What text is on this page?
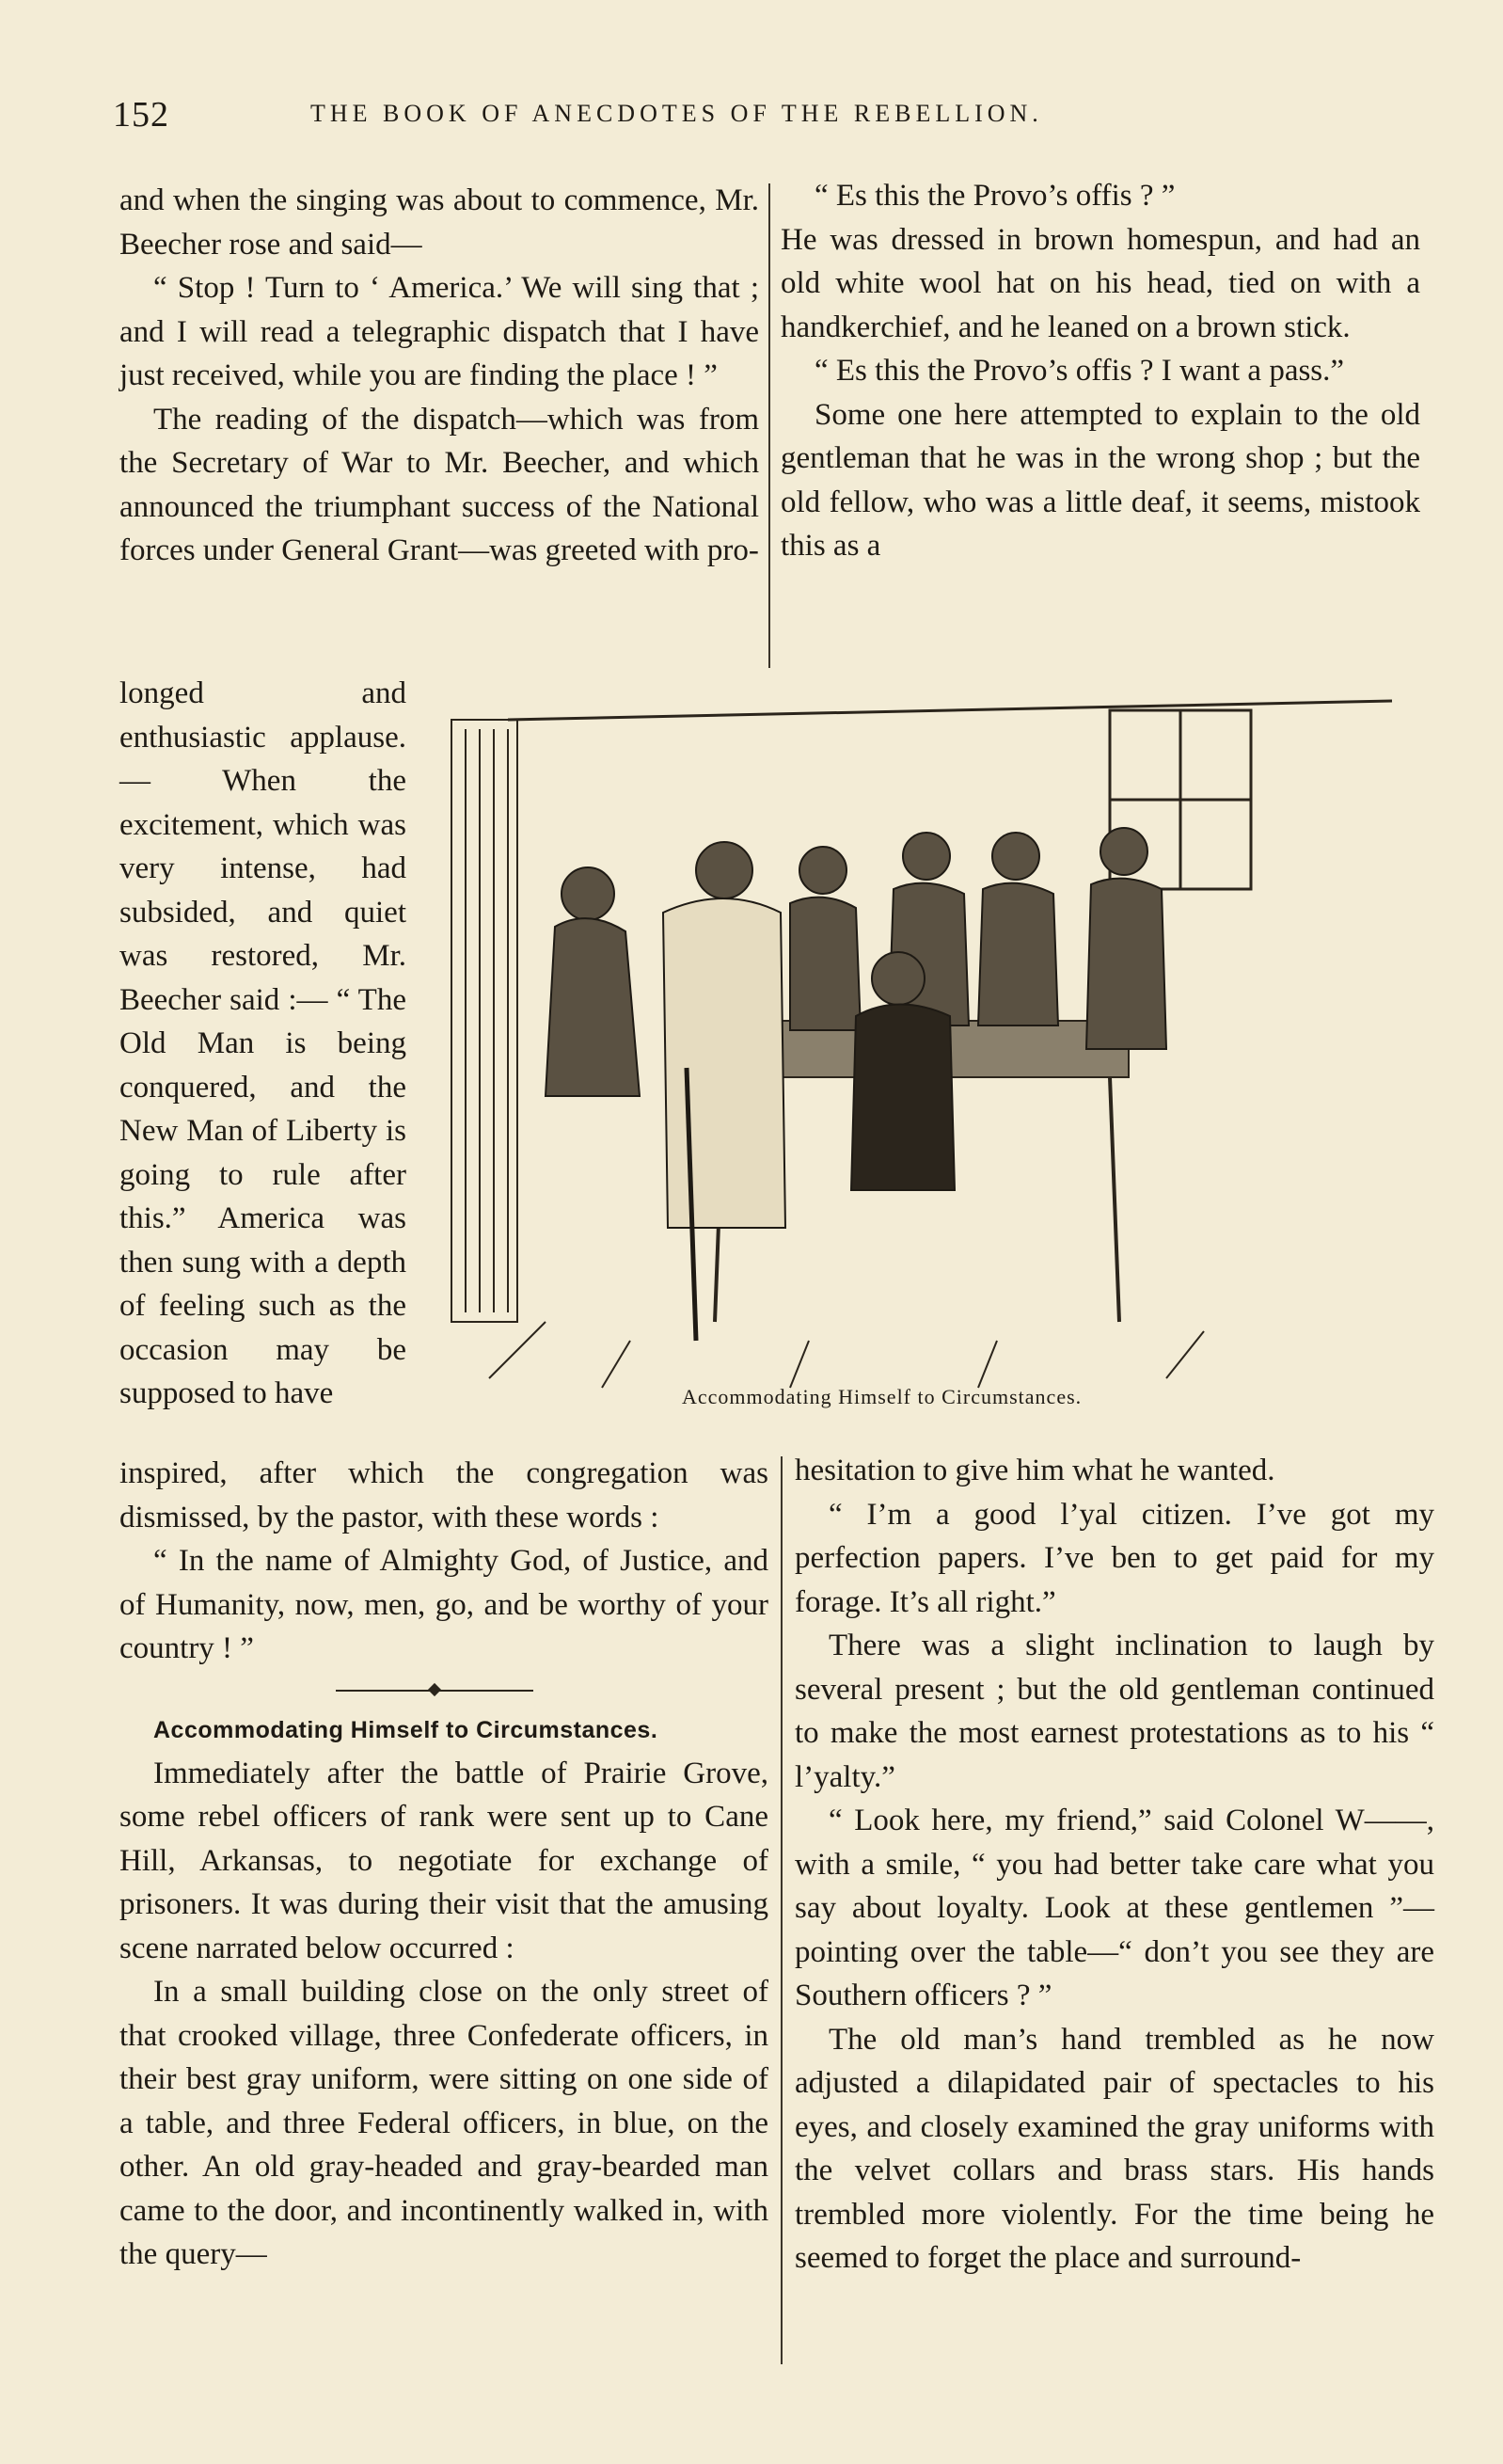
152	THE BOOK OF ANECDOTES OF THE REBELLION.

and when the singing was about to commence, Mr. Beecher rose and said—

“ Stop ! Turn to ‘ America.’ We will sing that ; and I will read a telegraphic dispatch that I have just received, while you are finding the place ! ”

The reading of the dispatch—which was from the Secretary of War to Mr. Beecher, and which announced the triumphant success of the National forces under General Grant—was greeted with pro-

“ Es this the Provo’s offis ? ”

He was dressed in brown homespun, and had an old white wool hat on his head, tied on with a handkerchief, and he leaned on a brown stick.

“ Es this the Provo’s offis ? I want a pass.”

Some one here attempted to explain to the old gentleman that he was in the wrong shop ; but the old fellow, who was a little deaf, it seems, mistook this as a

longed and enthusiastic applause.— When the excitement, which was very intense, had subsided, and quiet was restored, Mr. Beecher said :— “ The Old Man is being conquered, and the New Man of Liberty is going to rule after this.” America was then sung with a depth of feeling such as the occasion may be supposed to have	Accommodating Himself to Circumstances.

inspired, after which the congregation was dismissed, by the pastor, with these words :

“ In the name of Almighty God, of Justice, and of Humanity, now, men, go, and be worthy of your country ! ”

Accommodating Himself to Circumstances.

Immediately after the battle of Prairie Grove, some rebel officers of rank were sent up to Cane Hill, Arkansas, to negotiate for exchange of prisoners. It was during their visit that the amusing scene narrated below occurred :

In a small building close on the only street of that crooked village, three Confederate officers, in their best gray uniform, were sitting on one side of a table, and three Federal officers, in blue, on the other. An old gray-headed and gray-bearded man came to the door, and incontinently walked in, with the query—

hesitation to give him what he wanted.

“ I’m a good l’yal citizen. I’ve got my perfection papers. I’ve ben to get paid for my forage. It’s all right.”

There was a slight inclination to laugh by several present ; but the old gentleman continued to make the most earnest protestations as to his “ l’yalty.”

“ Look here, my friend,” said Colonel W——, with a smile, “ you had better take care what you say about loyalty. Look at these gentlemen ”—pointing over the table—“ don’t you see they are Southern officers ? ”

The old man’s hand trembled as he now adjusted a dilapidated pair of spectacles to his eyes, and closely examined the gray uniforms with the velvet collars and brass stars. His hands trembled more violently. For the time being he seemed to forget the place and surround-
